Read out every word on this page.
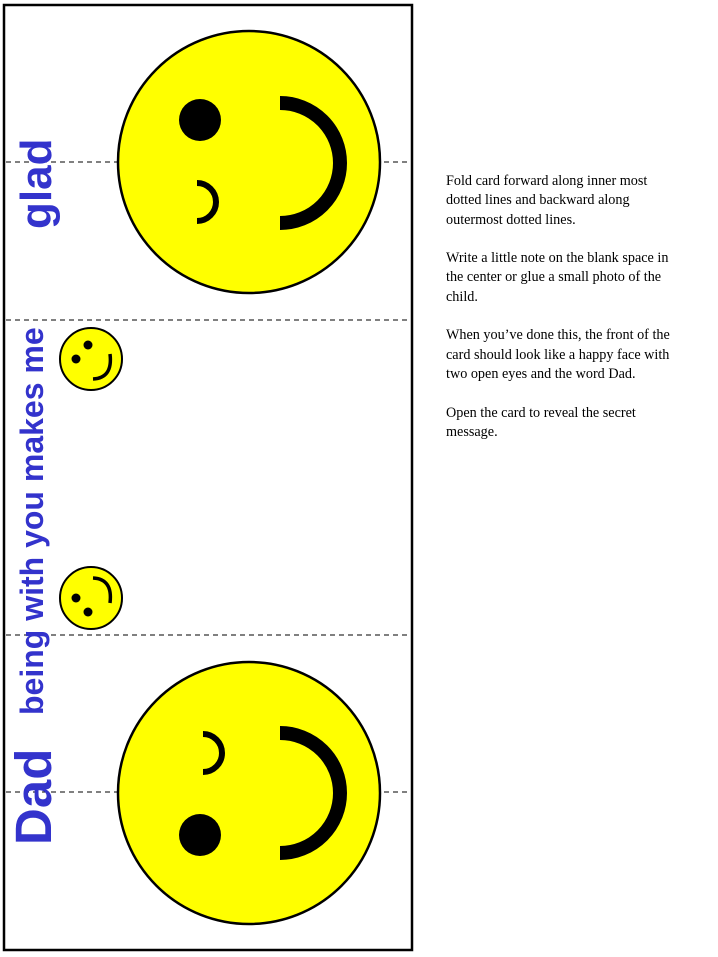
Dad
being with you makes me
glad	Fold card forward along inner most dotted lines and backward along outermost dotted lines.

Write a little note on the blank space in the center or glue a small photo of the child.

When you’ve done this, the front of the card should look like a happy face with two open eyes and the word Dad.

Open the card to reveal the secret message.
